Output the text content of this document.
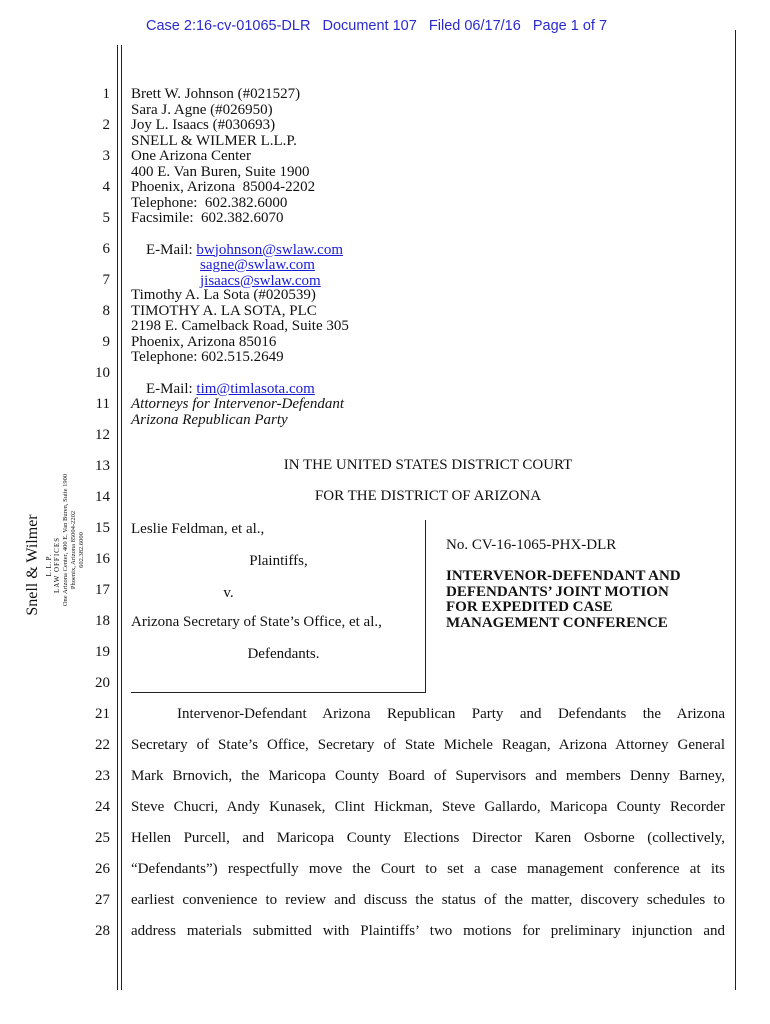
Case 2:16-cv-01065-DLR   Document 107   Filed 06/17/16   Page 1 of 7
1
2
3
4
5
6
7
8
9
10
11
12
13
14
15
16
17
18
19
20
21
22
23
24
25
26
27
28
Brett W. Johnson (#021527)
Sara J. Agne (#026950)
Joy L. Isaacs (#030693)
SNELL & WILMER L.L.P.
One Arizona Center
400 E. Van Buren, Suite 1900
Phoenix, Arizona  85004-2202
Telephone:  602.382.6000
Facsimile:  602.382.6070

E-Mail: bwjohnson@swlaw.com

sagne@swlaw.com

jisaacs@swlaw.com

Timothy A. La Sota (#020539)
TIMOTHY A. LA SOTA, PLC
2198 E. Camelback Road, Suite 305
Phoenix, Arizona 85016
Telephone: 602.515.2649

E-Mail: tim@timlasota.com

Attorneys for Intervenor-Defendant
Arizona Republican Party
IN THE UNITED STATES DISTRICT COURT
FOR THE DISTRICT OF ARIZONA
Leslie Feldman, et al.,
Plaintiffs,
v.
Arizona Secretary of State’s Office, et al.,
Defendants.
No. CV-16-1065-PHX-DLR
INTERVENOR-DEFENDANT AND
DEFENDANTS’ JOINT MOTION
FOR EXPEDITED CASE
MANAGEMENT CONFERENCE
Intervenor-Defendant Arizona Republican Party and Defendants the Arizona
Secretary of State’s Office, Secretary of State Michele Reagan, Arizona Attorney General
Mark Brnovich, the Maricopa County Board of Supervisors and members Denny Barney,
Steve Chucri, Andy Kunasek, Clint Hickman, Steve Gallardo, Maricopa County Recorder
Hellen Purcell, and Maricopa County Elections Director Karen Osborne (collectively,
“Defendants”) respectfully move the Court to set a case management conference at its
earliest convenience to review and discuss the status of the matter, discovery schedules to
address materials submitted with Plaintiffs’ two motions for preliminary injunction and
Snell & Wilmer L.L.P. LAW OFFICES One Arizona Center, 400 E. Van Buren, Suite 1900 Phoenix, Arizona 85004-2202 602.382.6000
